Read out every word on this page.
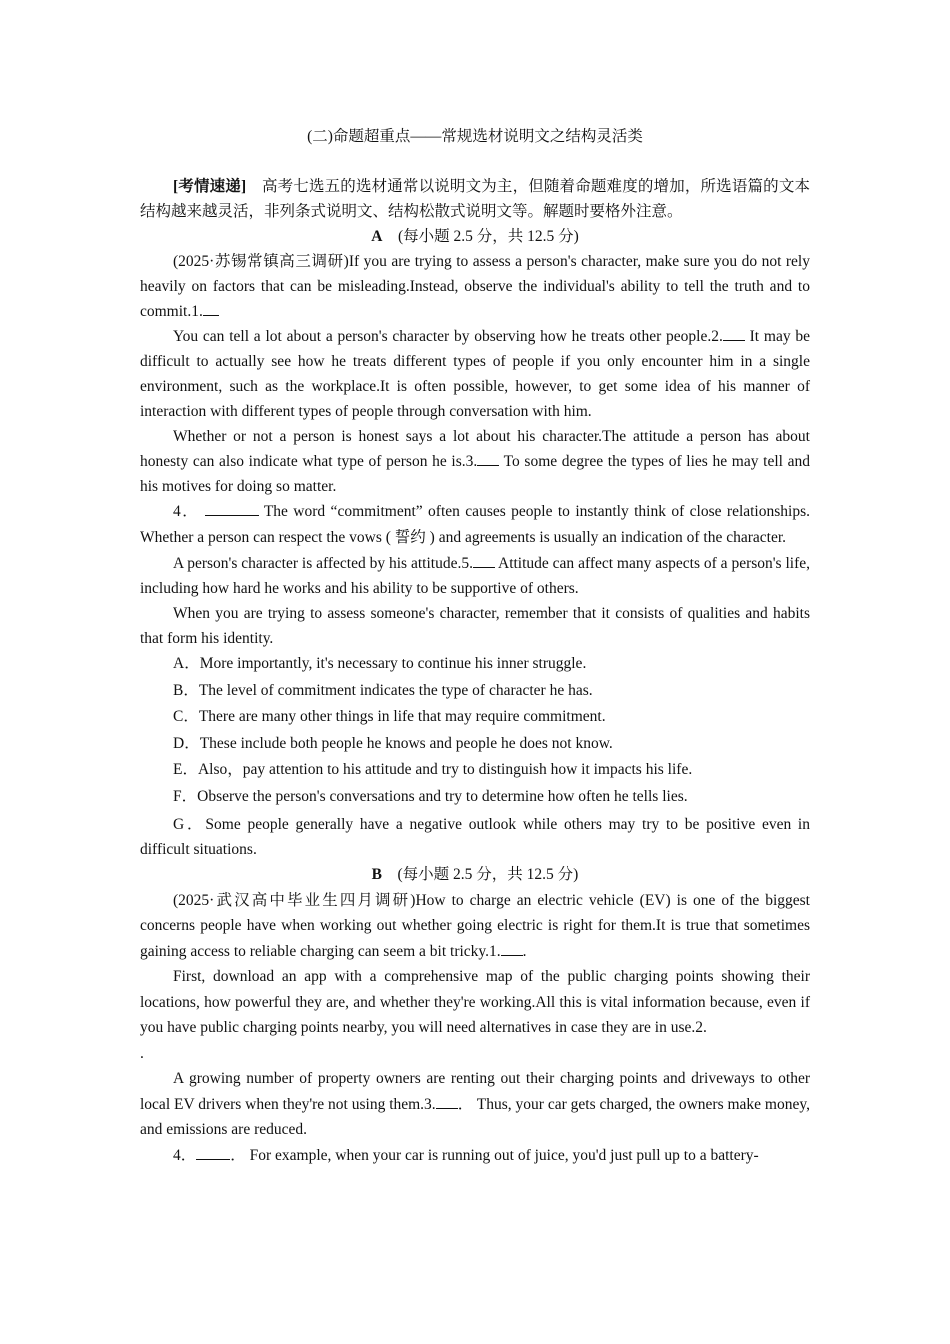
(二)命题超重点——常规选材说明文之结构灵活类

[考情速递]　高考七选五的选材通常以说明文为主，但随着命题难度的增加，所选语篇的文本结构越来越灵活，非列条式说明文、结构松散式说明文等。解题时要格外注意。

A　 (每小题 2.5 分，共 12.5 分)

(2025·苏锡常镇高三调研)If you are trying to assess a person's character, make sure you do not rely heavily on factors that can be misleading.Instead, observe the individual's ability to tell the truth and to commit.1.

You can tell a lot about a person's character by observing how he treats other people.2. It may be difficult to actually see how he treats different types of people if you only encounter him in a single environment, such as the workplace.It is often possible, however, to get some idea of his manner of interaction with different types of people through conversation with him.

Whether or not a person is honest says a lot about his character.The attitude a person has about honesty can also indicate what type of person he is.3. To some degree the types of lies he may tell and his motives for doing so matter.

4．	The word “commitment” often causes people to instantly think of close relationships. Whether a person can respect the vows ( 誓约 ) and agreements is usually an indication of the character.

A person's character is affected by his attitude.5. Attitude can affect many aspects of a person's life, including how hard he works and his ability to be supportive of others.

When you are trying to assess someone's character, remember that it consists of qualities and habits that form his identity.

A．More importantly, it's necessary to continue his inner struggle.

B．The level of commitment indicates the type of character he has.

C．There are many other things in life that may require commitment.

D．These include both people he knows and people he does not know.

E．Also，pay attention to his attitude and try to distinguish how it impacts his life.

F．Observe the person's conversations and try to determine how often he tells lies.

G．Some people generally have a negative outlook while others may try to be positive even in difficult situations.

B　 (每小题 2.5 分，共 12.5 分)

(2025·武汉高中毕业生四月调研)How to charge an electric vehicle (EV) is one of the biggest concerns people have when working out whether going electric is right for them.It is true that sometimes gaining access to reliable charging can seem a bit tricky.1. .

First, download an app with a comprehensive map of the public charging points showing their locations, how powerful they are, and whether they're working.All this is vital information because, even if you have public charging points nearby, you will need alternatives in case they are in use.2.
.

A growing number of property owners are renting out their charging points and driveways to other local EV drivers when they're not using them.3. ． Thus, your car gets charged, the owners make money, and emissions are reduced.

4． ． For example, when your car is running out of juice, you'd just pull up to a battery-
